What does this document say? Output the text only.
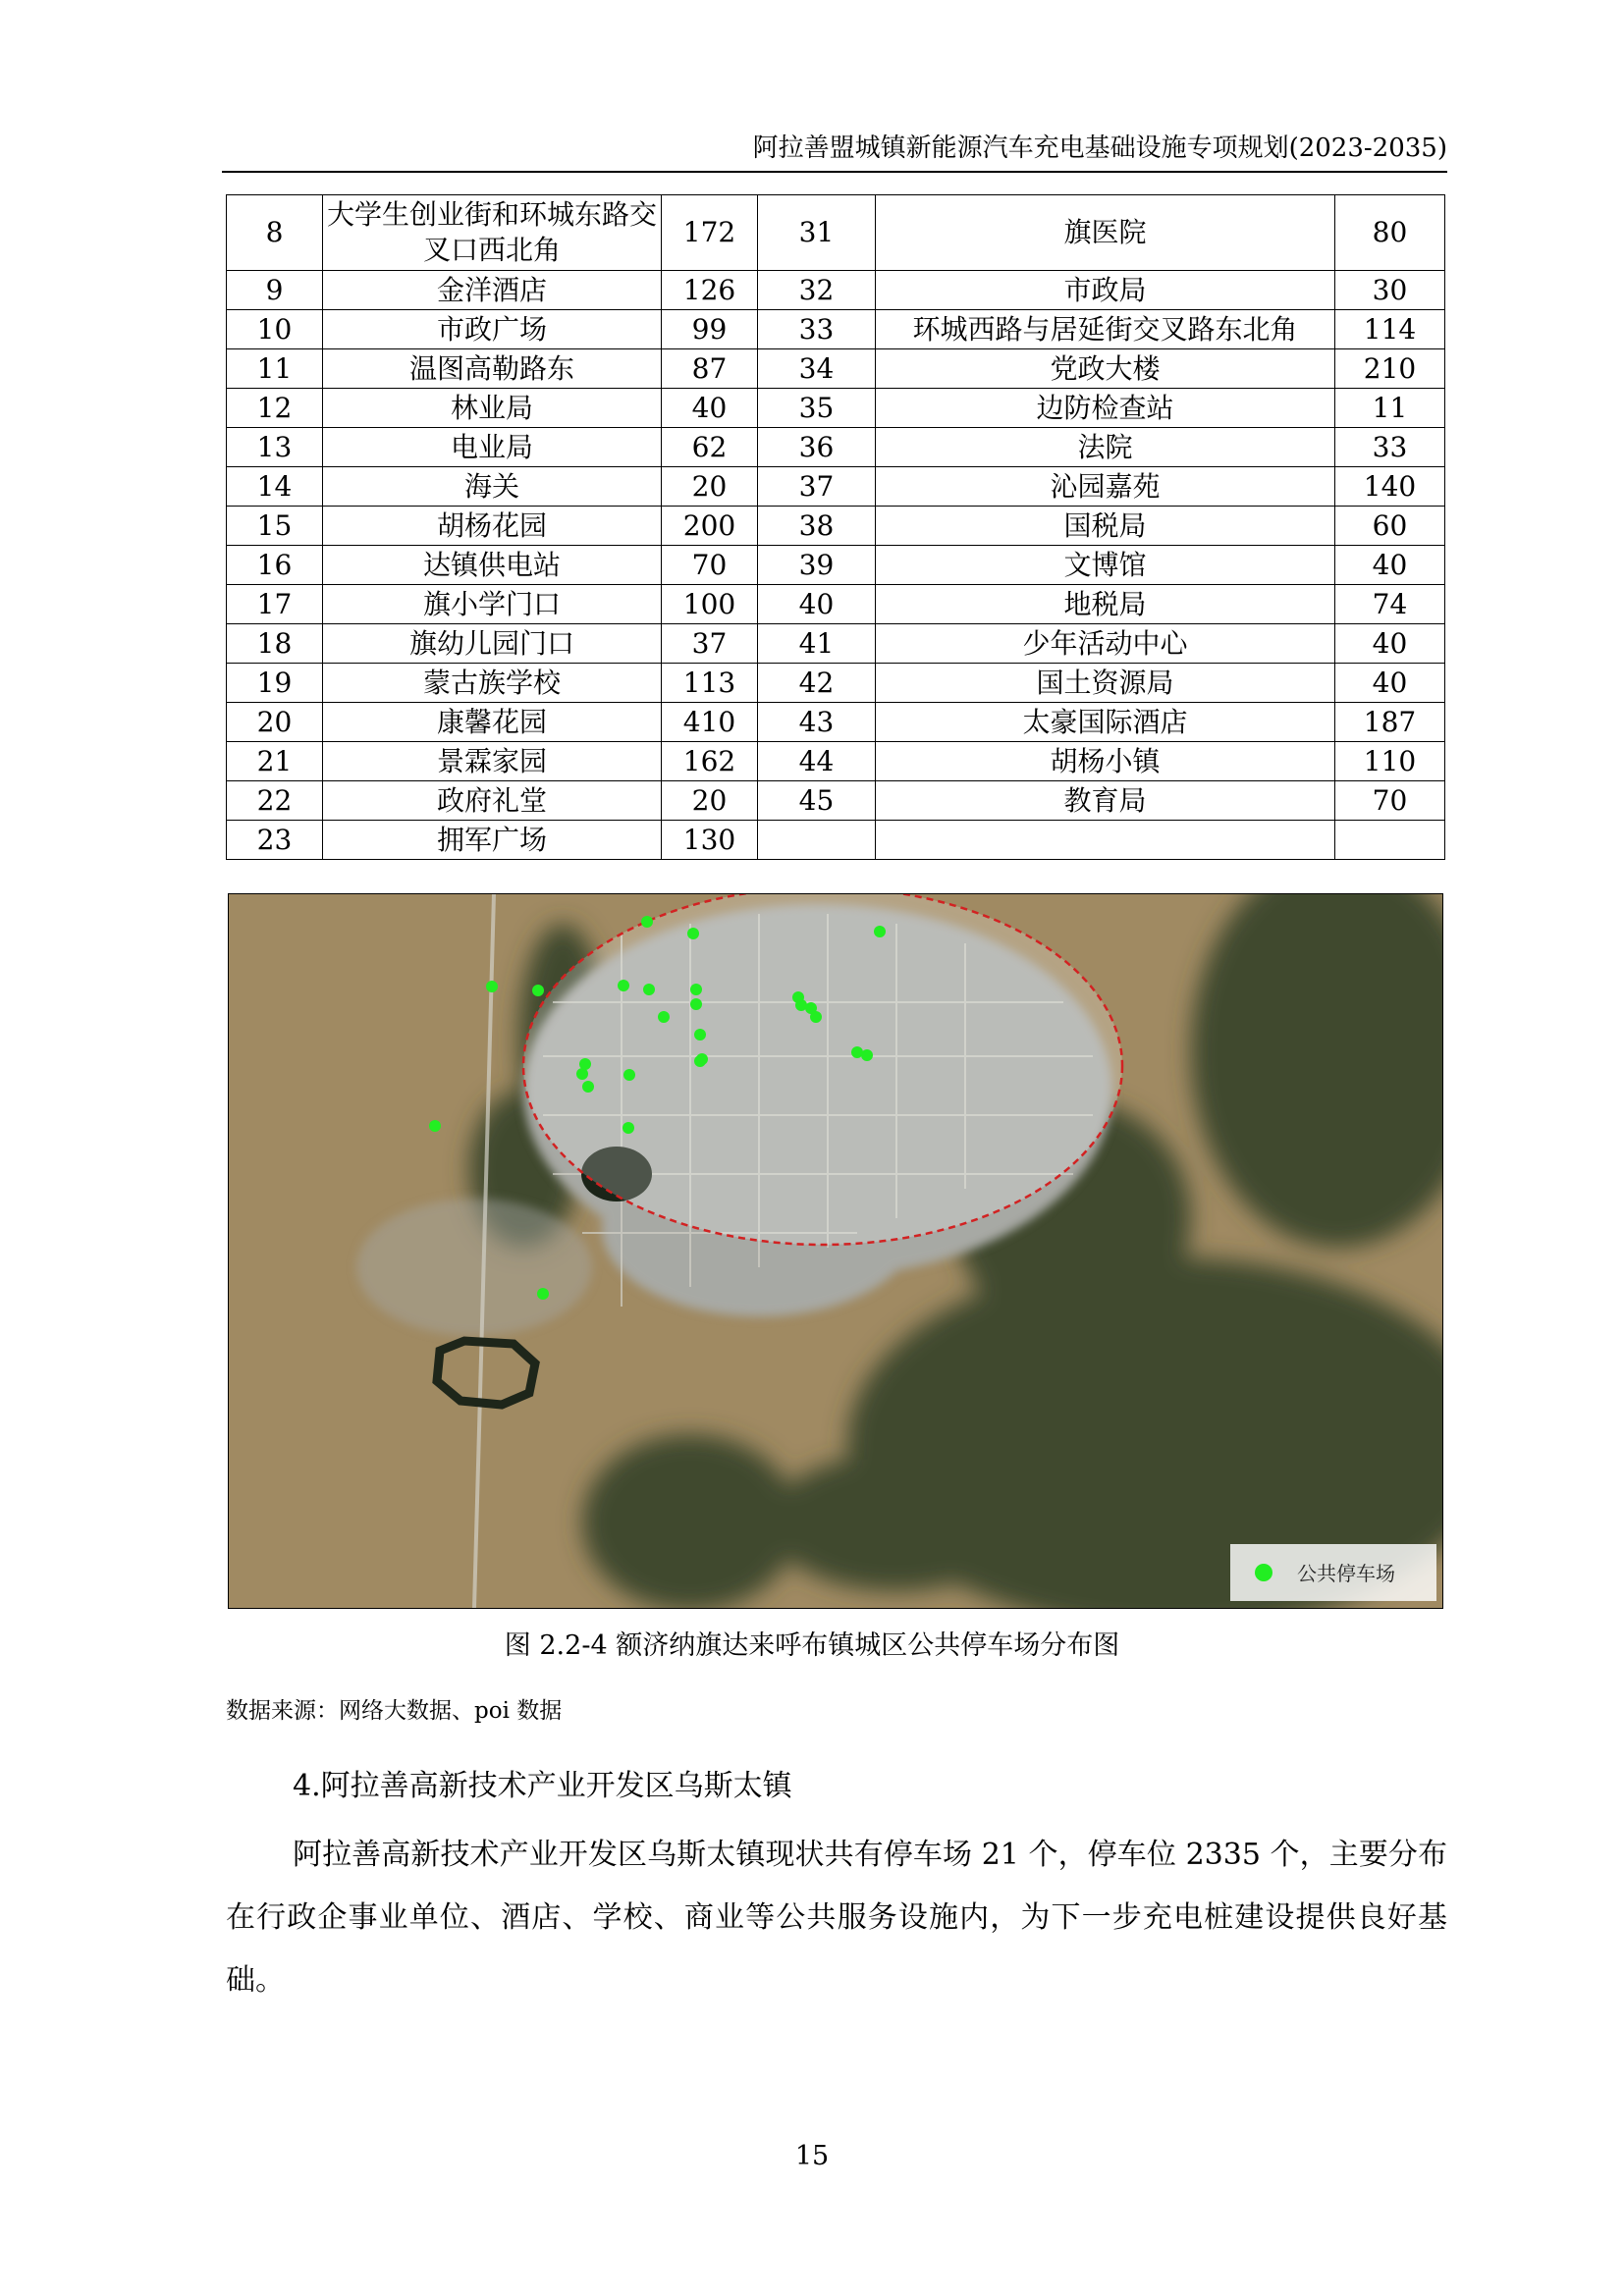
阿拉善盟城镇新能源汽车充电基础设施专项规划(2023-2035)
8	大学生创业街和环城东路交叉口西北角	172	31	旗医院	80
9	金洋酒店	126	32	市政局	30
10	市政广场	99	33	环城西路与居延街交叉路东北角	114
11	温图高勒路东	87	34	党政大楼	210
12	林业局	40	35	边防检查站	11
13	电业局	62	36	法院	33
14	海关	20	37	沁园嘉苑	140
15	胡杨花园	200	38	国税局	60
16	达镇供电站	70	39	文博馆	40
17	旗小学门口	100	40	地税局	74
18	旗幼儿园门口	37	41	少年活动中心	40
19	蒙古族学校	113	42	国土资源局	40
20	康馨花园	410	43	太豪国际酒店	187
21	景霖家园	162	44	胡杨小镇	110
22	政府礼堂	20	45	教育局	70
23	拥军广场	130			
公共停车场
图 2.2-4 额济纳旗达来呼布镇城区公共停车场分布图
数据来源：网络大数据、poi 数据
4.阿拉善高新技术产业开发区乌斯太镇

阿拉善高新技术产业开发区乌斯太镇现状共有停车场 21 个，停车位 2335 个，主要分布在行政企事业单位、酒店、学校、商业等公共服务设施内，为下一步充电桩建设提供良好基础。

15
